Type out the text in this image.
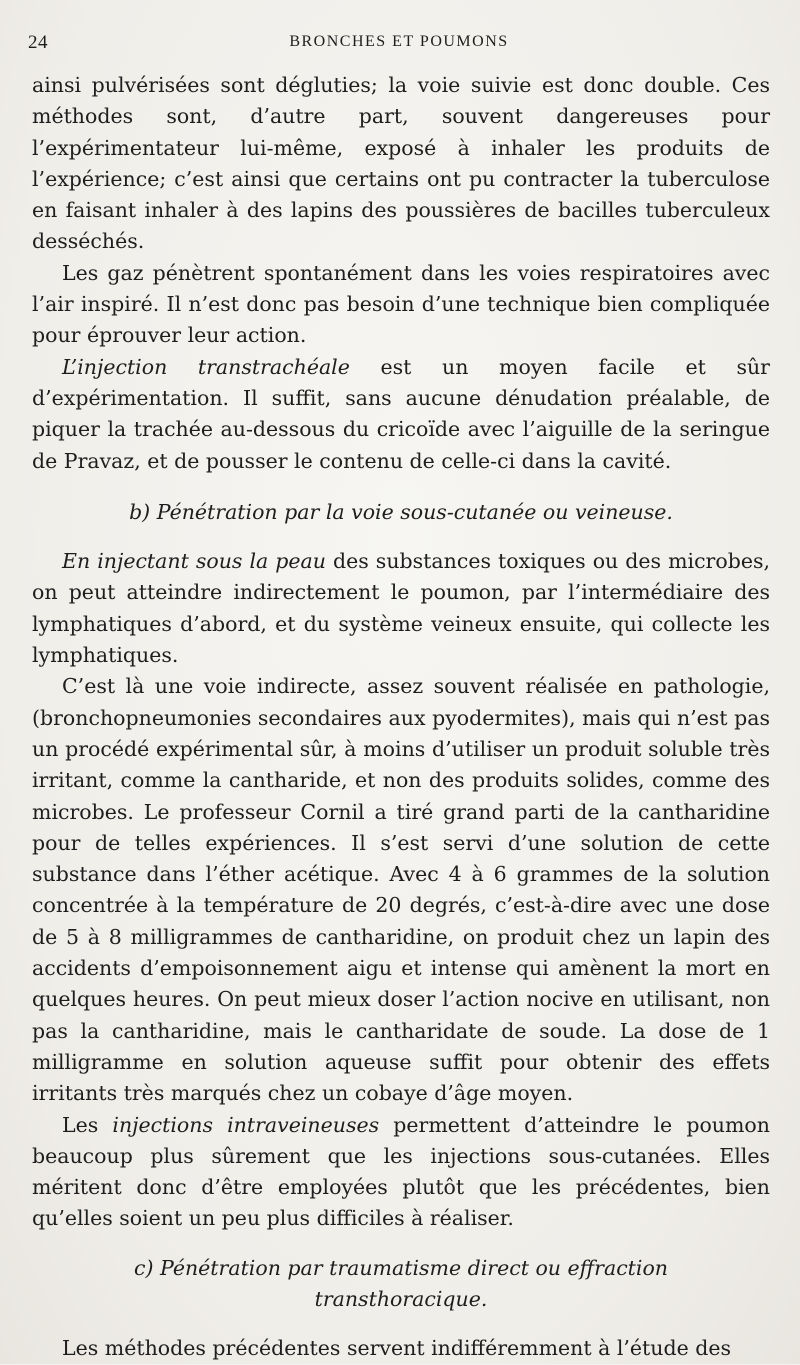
24	BRONCHES ET POUMONS

ainsi pulvérisées sont dégluties; la voie suivie est donc double. Ces méthodes sont, d’autre part, souvent dangereuses pour l’expérimentateur lui-même, exposé à inhaler les produits de l’expérience; c’est ainsi que certains ont pu contracter la tuberculose en faisant inhaler à des lapins des poussières de bacilles tuberculeux desséchés.

Les gaz pénètrent spontanément dans les voies respiratoires avec l’air inspiré. Il n’est donc pas besoin d’une technique bien compliquée pour éprouver leur action.

L’injection transtrachéale est un moyen facile et sûr d’expérimentation. Il suffit, sans aucune dénudation préalable, de piquer la trachée au-dessous du cricoïde avec l’aiguille de la seringue de Pravaz, et de pousser le contenu de celle-ci dans la cavité.

b) Pénétration par la voie sous-cutanée ou veineuse.

En injectant sous la peau des substances toxiques ou des microbes, on peut atteindre indirectement le poumon, par l’intermédiaire des lymphatiques d’abord, et du système veineux ensuite, qui collecte les lymphatiques.

C’est là une voie indirecte, assez souvent réalisée en pathologie, (bronchopneumonies secondaires aux pyodermites), mais qui n’est pas un procédé expérimental sûr, à moins d’utiliser un produit soluble très irritant, comme la cantharide, et non des produits solides, comme des microbes. Le professeur Cornil a tiré grand parti de la cantharidine pour de telles expériences. Il s’est servi d’une solution de cette substance dans l’éther acétique. Avec 4 à 6 grammes de la solution concentrée à la température de 20 degrés, c’est-à-dire avec une dose de 5 à 8 milligrammes de cantharidine, on produit chez un lapin des accidents d’empoisonnement aigu et intense qui amènent la mort en quelques heures. On peut mieux doser l’action nocive en utilisant, non pas la cantharidine, mais le cantharidate de soude. La dose de 1 milligramme en solution aqueuse suffit pour obtenir des effets irritants très marqués chez un cobaye d’âge moyen.

Les injections intraveineuses permettent d’atteindre le poumon beaucoup plus sûrement que les injections sous-cutanées. Elles méritent donc d’être employées plutôt que les précédentes, bien qu’elles soient un peu plus difficiles à réaliser.

c) Pénétration par traumatisme direct ou effraction
transthoracique.

Les méthodes précédentes servent indifféremment à l’étude des
